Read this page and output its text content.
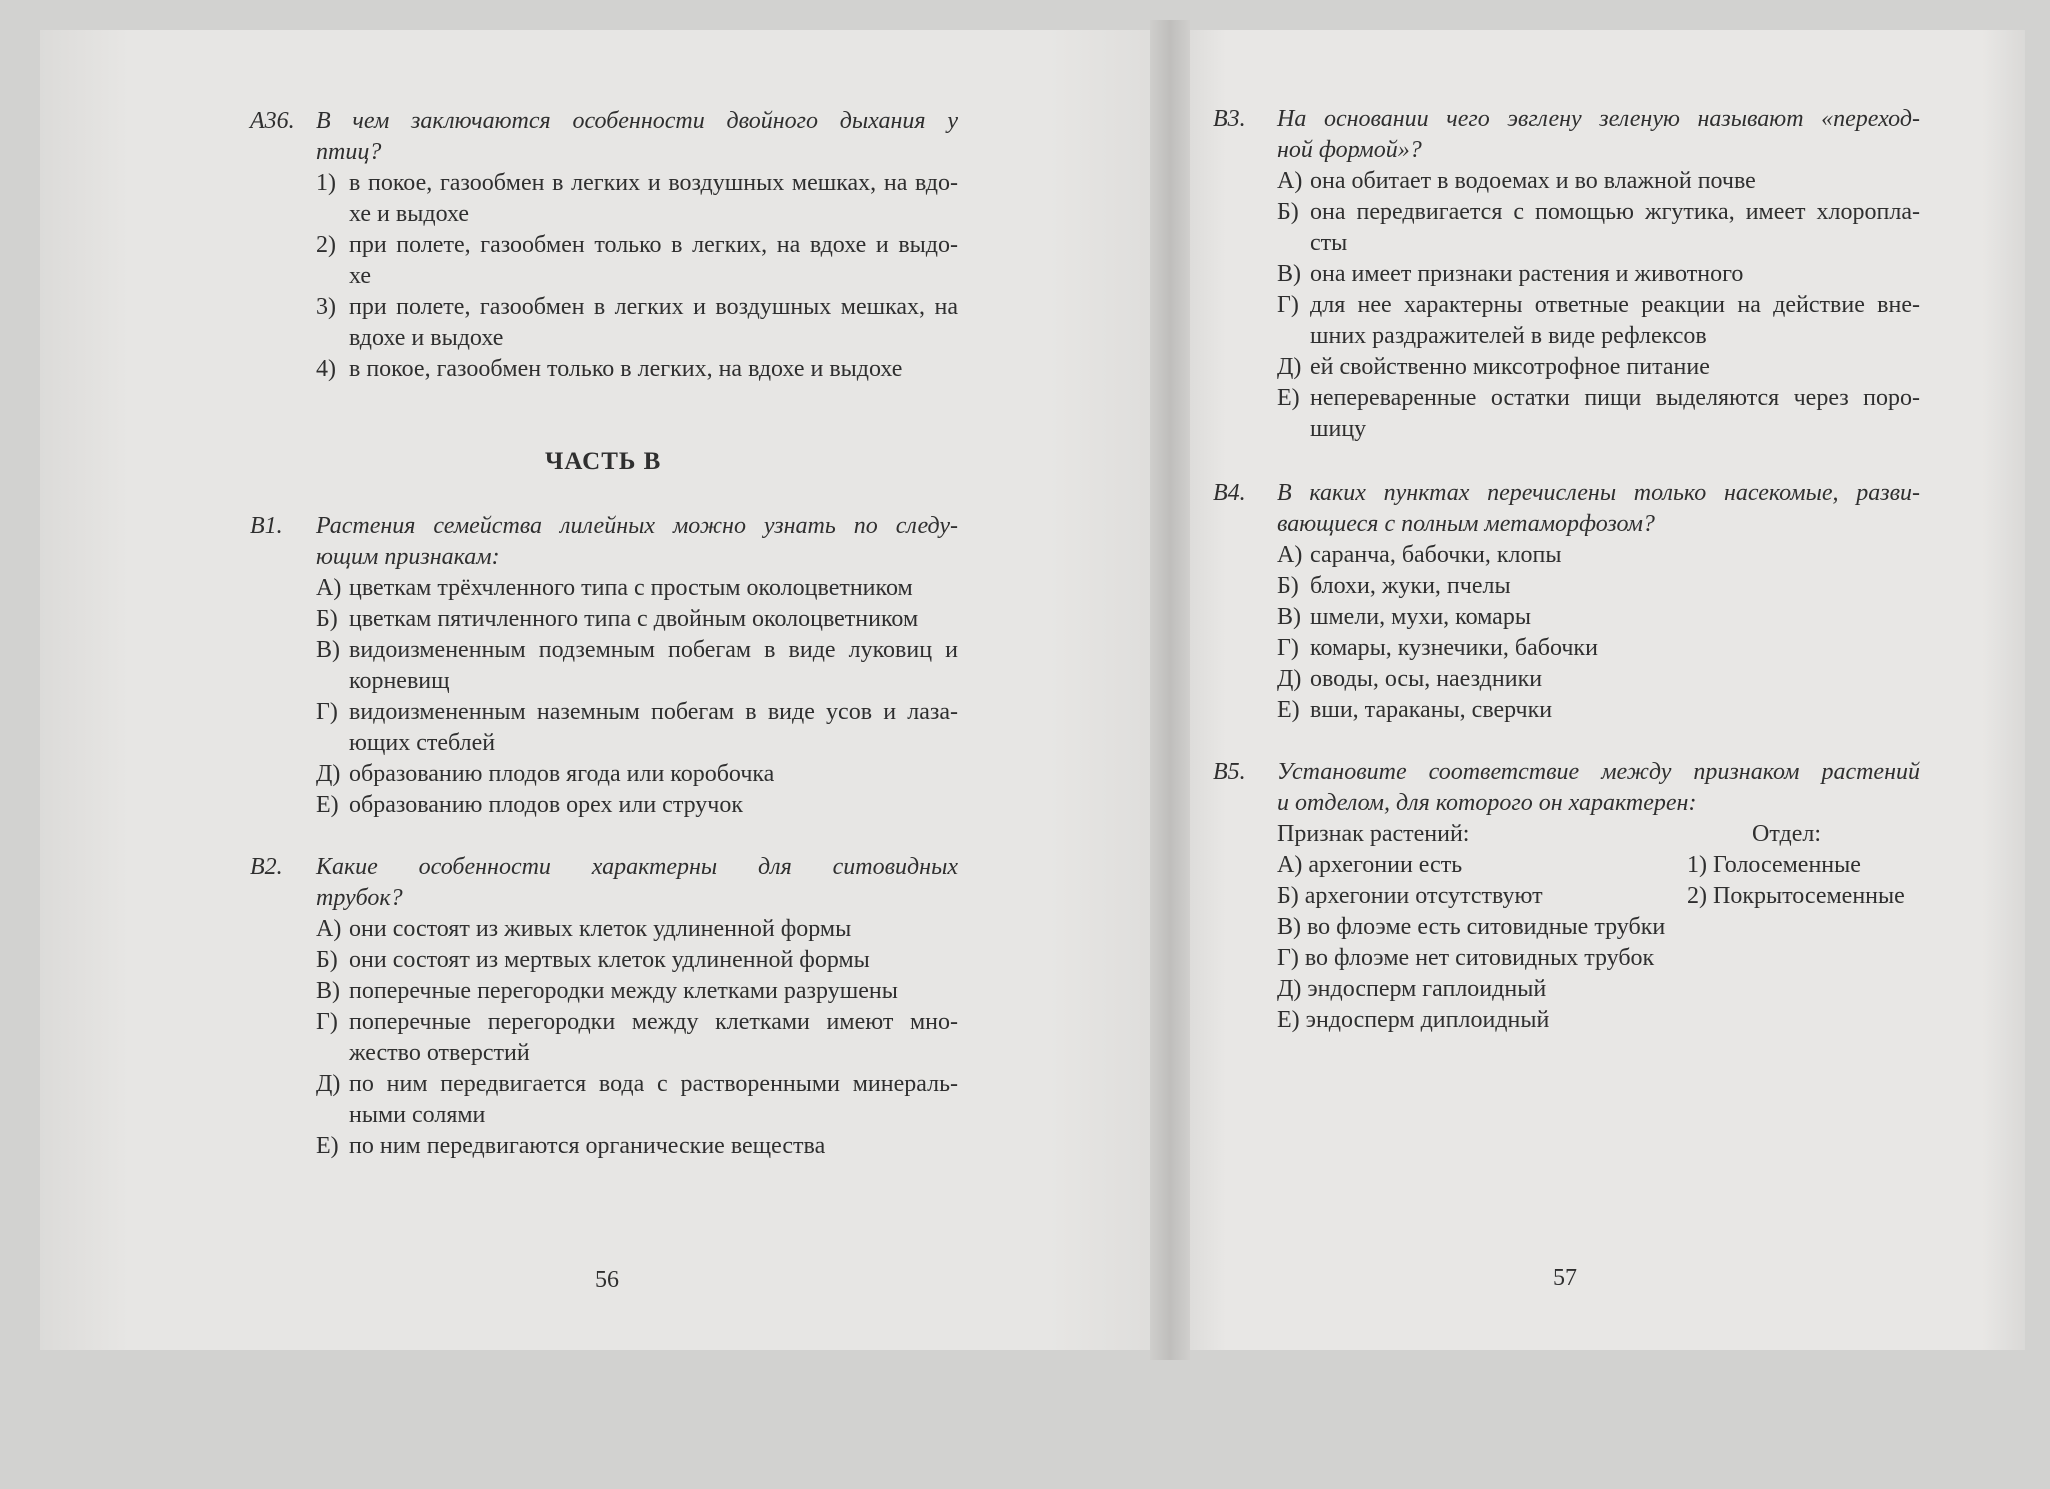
А36. В чем заключаются особенности двойного дыхания у
птиц?
1) в покое, газообмен в легких и воздушных мешках, на вдо-
хе и выдохе
2) при полете, газообмен только в легких, на вдохе и выдо-
хе
3) при полете, газообмен в легких и воздушных мешках, на
вдохе и выдохе
4) в покое, газообмен только в легких, на вдохе и выдохе
ЧАСТЬ В
В1. Растения семейства лилейных можно узнать по следу-
ющим признакам:
А) цветкам трёхчленного типа с простым околоцветником
Б) цветкам пятичленного типа с двойным околоцветником
В) видоизмененным подземным побегам в виде луковиц и
корневищ
Г) видоизмененным наземным побегам в виде усов и лаза-
ющих стеблей
Д) образованию плодов ягода или коробочка
Е) образованию плодов орех или стручок
В2. Какие особенности характерны для ситовидных
трубок?
А) они состоят из живых клеток удлиненной формы
Б) они состоят из мертвых клеток удлиненной формы
В) поперечные перегородки между клетками разрушены
Г) поперечные перегородки между клетками имеют мно-
жество отверстий
Д) по ним передвигается вода с растворенными минераль-
ными солями
Е) по ним передвигаются органические вещества
56
В3. На основании чего эвглену зеленую называют «переход-
ной формой»?
А) она обитает в водоемах и во влажной почве
Б) она передвигается с помощью жгутика, имеет хлоропла-
сты
В) она имеет признаки растения и животного
Г) для нее характерны ответные реакции на действие вне-
шних раздражителей в виде рефлексов
Д) ей свойственно миксотрофное питание
Е) непереваренные остатки пищи выделяются через поро-
шицу
В4. В каких пунктах перечислены только насекомые, разви-
вающиеся с полным метаморфозом?
А) саранча, бабочки, клопы
Б) блохи, жуки, пчелы
В) шмели, мухи, комары
Г) комары, кузнечики, бабочки
Д) оводы, осы, наездники
Е) вши, тараканы, сверчки
В5. Установите соответствие между признаком растений
и отделом, для которого он характерен:
Признак растений:	Отдел:
А) архегонии есть	1) Голосеменные
Б) архегонии отсутствуют	2) Покрытосеменные
В) во флоэме есть ситовидные трубки
Г) во флоэме нет ситовидных трубок
Д) эндосперм гаплоидный
Е) эндосперм диплоидный
57
